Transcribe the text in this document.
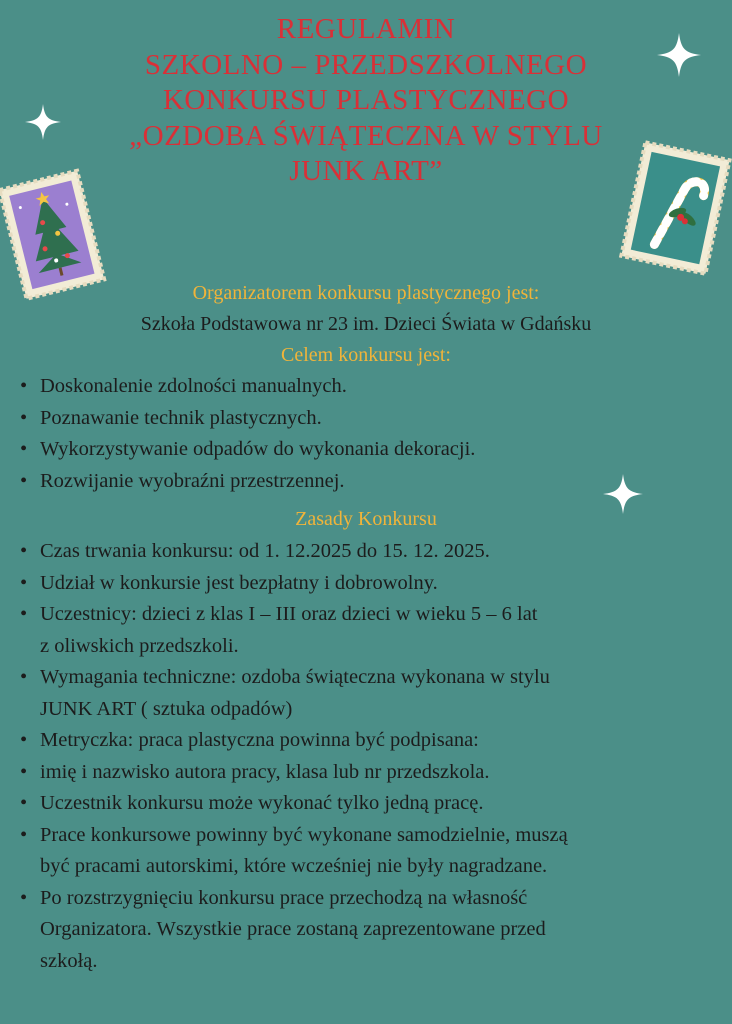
REGULAMIN
SZKOLNO – PRZEDSZKOLNEGO
KONKURSU PLASTYCZNEGO
„OZDOBA ŚWIĄTECZNA W STYLU
JUNK ART”
Organizatorem konkursu plastycznego jest:
Szkoła Podstawowa nr 23 im. Dzieci Świata w Gdańsku
Celem konkursu jest:
• Doskonalenie zdolności manualnych.
• Poznawanie technik plastycznych.
• Wykorzystywanie odpadów do wykonania dekoracji.
• Rozwijanie wyobraźni przestrzennej.
Zasady Konkursu
• Czas trwania konkursu: od 1. 12.2025 do 15. 12. 2025.
• Udział w konkursie jest bezpłatny i dobrowolny.
• Uczestnicy: dzieci z klas I – III oraz dzieci w wieku 5 – 6 lat
z oliwskich przedszkoli.
• Wymagania techniczne: ozdoba świąteczna wykonana w stylu
JUNK ART ( sztuka odpadów)
• Metryczka: praca plastyczna powinna być podpisana:
• imię i nazwisko autora pracy, klasa lub nr przedszkola.
• Uczestnik konkursu może wykonać tylko jedną pracę.
• Prace konkursowe powinny być wykonane samodzielnie, muszą
być pracami autorskimi, które wcześniej nie były nagradzane.
• Po rozstrzygnięciu konkursu prace przechodzą na własność
Organizatora. Wszystkie prace zostaną zaprezentowane przed
szkołą.
